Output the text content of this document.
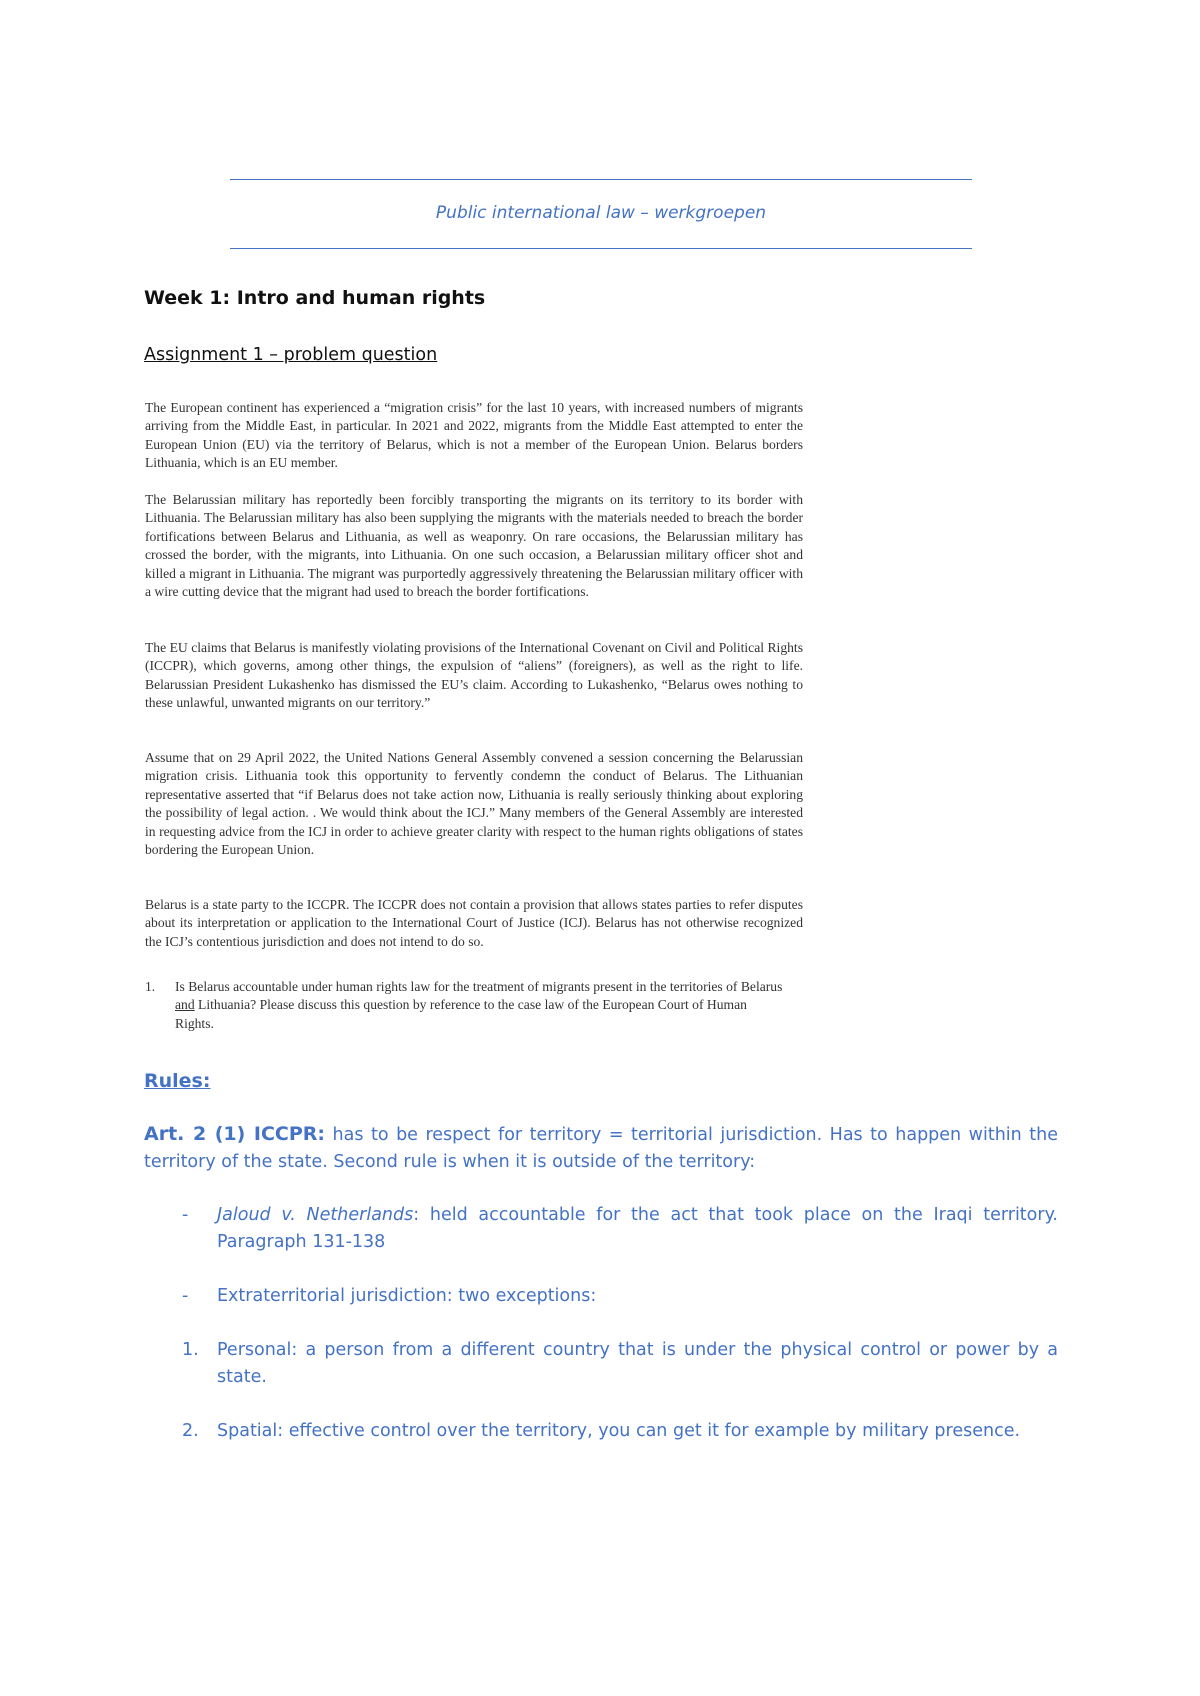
Public international law – werkgroepen
Week 1: Intro and human rights
Assignment 1 – problem question

The European continent has experienced a “migration crisis” for the last 10 years, with increased numbers of migrants arriving from the Middle East, in particular. In 2021 and 2022, migrants from the Middle East attempted to enter the European Union (EU) via the territory of Belarus, which is not a member of the European Union. Belarus borders Lithuania, which is an EU member.

The Belarussian military has reportedly been forcibly transporting the migrants on its territory to its border with Lithuania. The Belarussian military has also been supplying the migrants with the materials needed to breach the border fortifications between Belarus and Lithuania, as well as weaponry. On rare occasions, the Belarussian military has crossed the border, with the migrants, into Lithuania. On one such occasion, a Belarussian military officer shot and killed a migrant in Lithuania. The migrant was purportedly aggressively threatening the Belarussian military officer with a wire cutting device that the migrant had used to breach the border fortifications.

The EU claims that Belarus is manifestly violating provisions of the International Covenant on Civil and Political Rights (ICCPR), which governs, among other things, the expulsion of “aliens” (foreigners), as well as the right to life. Belarussian President Lukashenko has dismissed the EU’s claim. According to Lukashenko, “Belarus owes nothing to these unlawful, unwanted migrants on our territory.”

Assume that on 29 April 2022, the United Nations General Assembly convened a session concerning the Belarussian migration crisis. Lithuania took this opportunity to fervently condemn the conduct of Belarus. The Lithuanian representative asserted that “if Belarus does not take action now, Lithuania is really seriously thinking about exploring the possibility of legal action. . We would think about the ICJ.” Many members of the General Assembly are interested in requesting advice from the ICJ in order to achieve greater clarity with respect to the human rights obligations of states bordering the European Union.

Belarus is a state party to the ICCPR. The ICCPR does not contain a provision that allows states parties to refer disputes about its interpretation or application to the International Court of Justice (ICJ). Belarus has not otherwise recognized the ICJ’s contentious jurisdiction and does not intend to do so.

1. Is Belarus accountable under human rights law for the treatment of migrants present in the territories of Belarus and Lithuania? Please discuss this question by reference to the case law of the European Court of Human Rights.
Rules:

Art. 2 (1) ICCPR: has to be respect for territory = territorial jurisdiction. Has to happen within the territory of the state. Second rule is when it is outside of the territory:

- Jaloud v. Netherlands: held accountable for the act that took place on the Iraqi territory. Paragraph 131-138
- Extraterritorial jurisdiction: two exceptions:
1. Personal: a person from a different country that is under the physical control or power by a state.
2. Spatial: effective control over the territory, you can get it for example by military presence.
